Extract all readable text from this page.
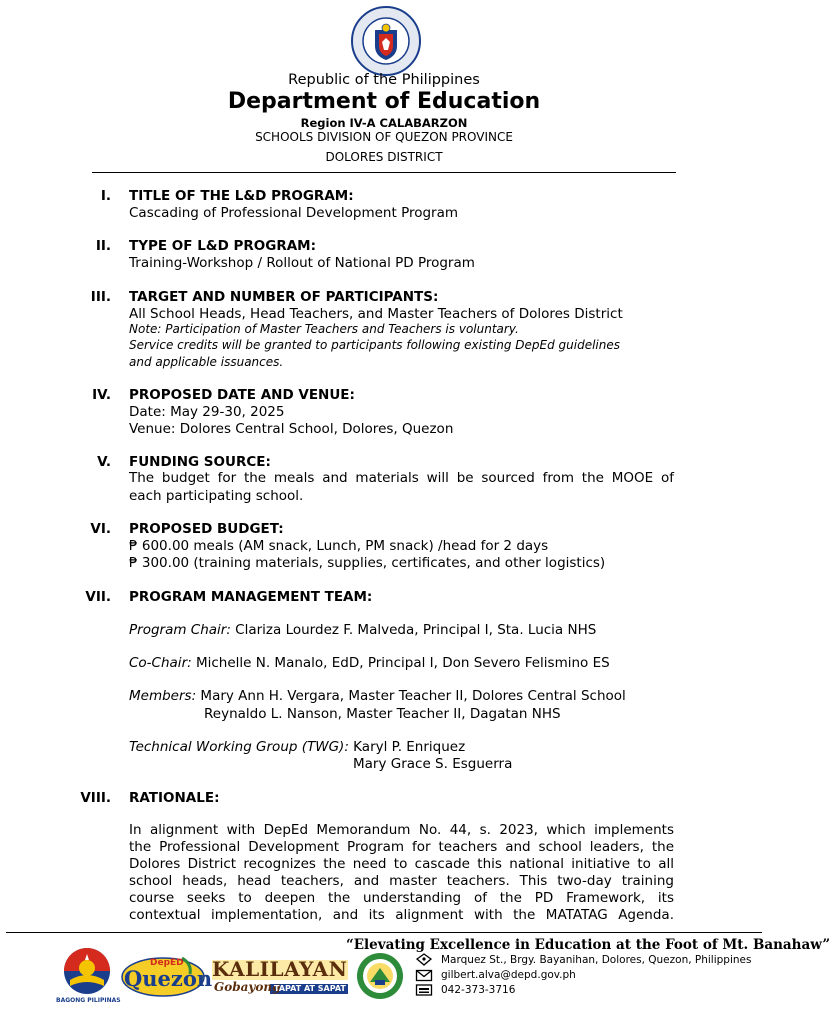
Republic of the Philippines
Department of Education
Region IV-A CALABARZON
SCHOOLS DIVISION OF QUEZON PROVINCE
DOLORES DISTRICT
I. TITLE OF THE L&D PROGRAM:
Cascading of Professional Development Program
II. TYPE OF L&D PROGRAM:
Training-Workshop / Rollout of National PD Program
III. TARGET AND NUMBER OF PARTICIPANTS:
All School Heads, Head Teachers, and Master Teachers of Dolores District
Note: Participation of Master Teachers and Teachers is voluntary.
Service credits will be granted to participants following existing DepEd guidelines
and applicable issuances.
IV. PROPOSED DATE AND VENUE:
Date: May 29-30, 2025
Venue: Dolores Central School, Dolores, Quezon
V. FUNDING SOURCE:
The budget for the meals and materials will be sourced from the MOOE of
each participating school.
VI. PROPOSED BUDGET:
₱ 600.00 meals (AM snack, Lunch, PM snack) /head for 2 days
₱ 300.00 (training materials, supplies, certificates, and other logistics)
VII. PROGRAM MANAGEMENT TEAM:
Program Chair: Clariza Lourdez F. Malveda, Principal I, Sta. Lucia NHS
Co-Chair: Michelle N. Manalo, EdD, Principal I, Don Severo Felismino ES
Members: Mary Ann H. Vergara, Master Teacher II, Dolores Central School
Reynaldo L. Nanson, Master Teacher II, Dagatan NHS
Technical Working Group (TWG): Karyl P. Enriquez
Mary Grace S. Esguerra
VIII. RATIONALE:
In alignment with DepEd Memorandum No. 44, s. 2023, which implements
the Professional Development Program for teachers and school leaders, the
Dolores District recognizes the need to cascade this national initiative to all
school heads, head teachers, and master teachers. This two-day training
course seeks to deepen the understanding of the PD Framework, its
contextual implementation, and its alignment with the MATATAG Agenda.
BAGONG PILIPINAS
DepED
Quezon KALILAYAN
Gobayong
TAPAT AT SAPAT
“Elevating Excellence in Education at the Foot of Mt. Banahaw”
Marquez St., Brgy. Bayanihan, Dolores, Quezon, Philippines
gilbert.alva@depd.gov.ph
042-373-3716
